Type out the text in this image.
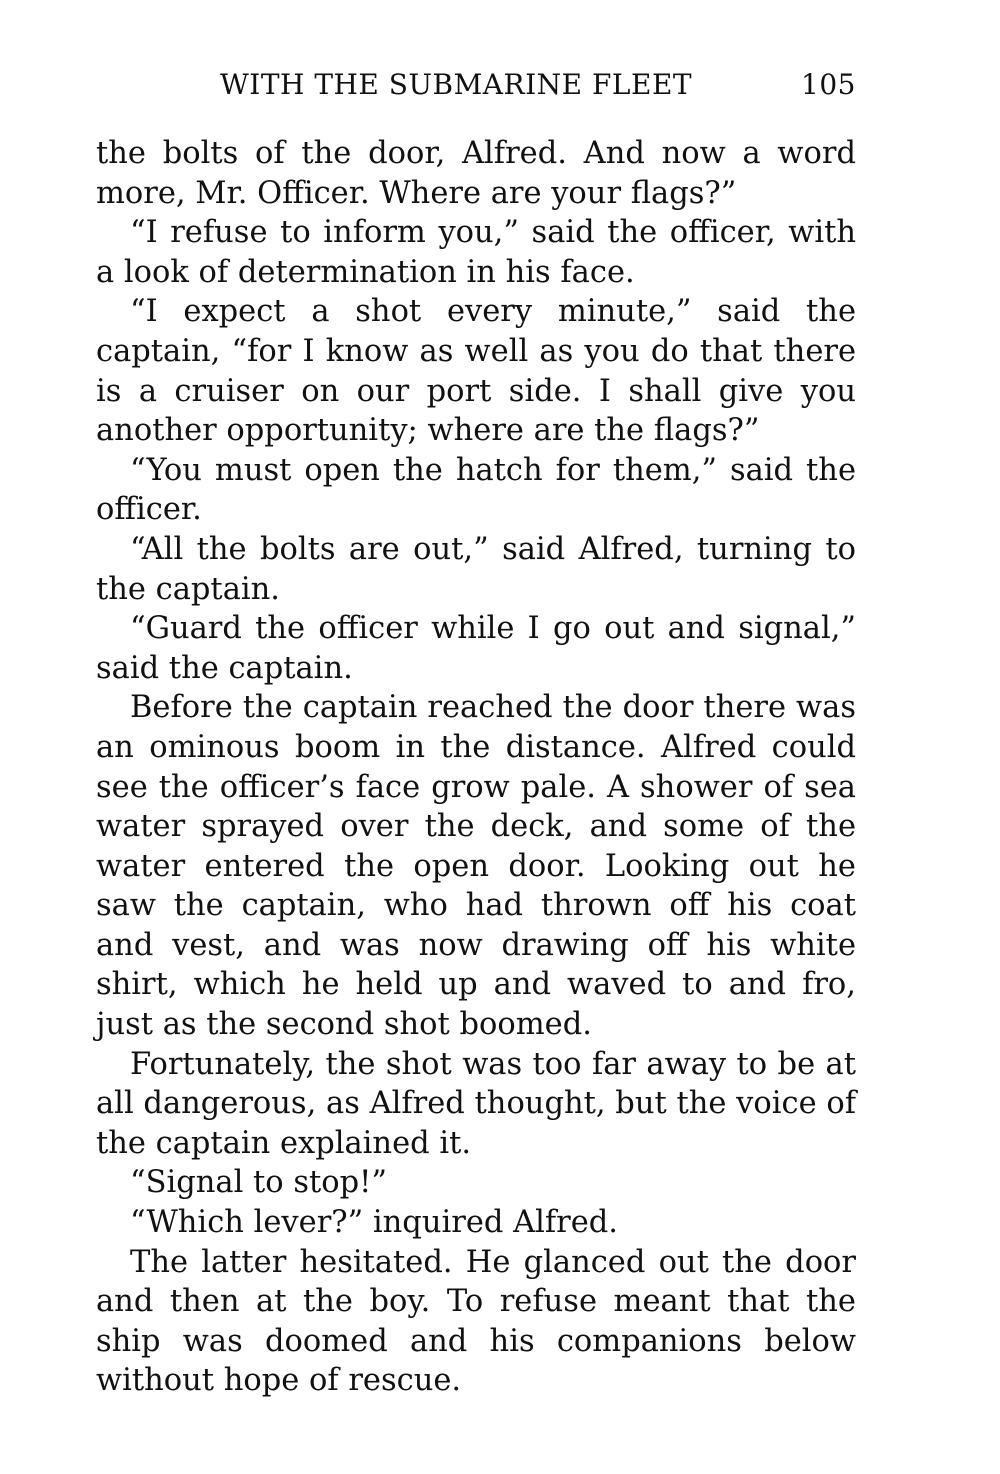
WITH THE SUBMARINE FLEET	105

the bolts of the door, Alfred. And now a word more, Mr. Officer. Where are your flags?”

“I refuse to inform you,” said the officer, with a look of determination in his face.

“I expect a shot every minute,” said the captain, “for I know as well as you do that there is a cruiser on our port side. I shall give you another opportunity; where are the flags?”

“You must open the hatch for them,” said the officer.

“All the bolts are out,” said Alfred, turning to the captain.

“Guard the officer while I go out and signal,” said the captain.

Before the captain reached the door there was an ominous boom in the distance. Alfred could see the officer’s face grow pale. A shower of sea water sprayed over the deck, and some of the water entered the open door. Looking out he saw the captain, who had thrown off his coat and vest, and was now drawing off his white shirt, which he held up and waved to and fro, just as the second shot boomed.

Fortunately, the shot was too far away to be at all dangerous, as Alfred thought, but the voice of the captain explained it.

“Signal to stop!”

“Which lever?” inquired Alfred.

The latter hesitated. He glanced out the door and then at the boy. To refuse meant that the ship was doomed and his companions below without hope of rescue.
